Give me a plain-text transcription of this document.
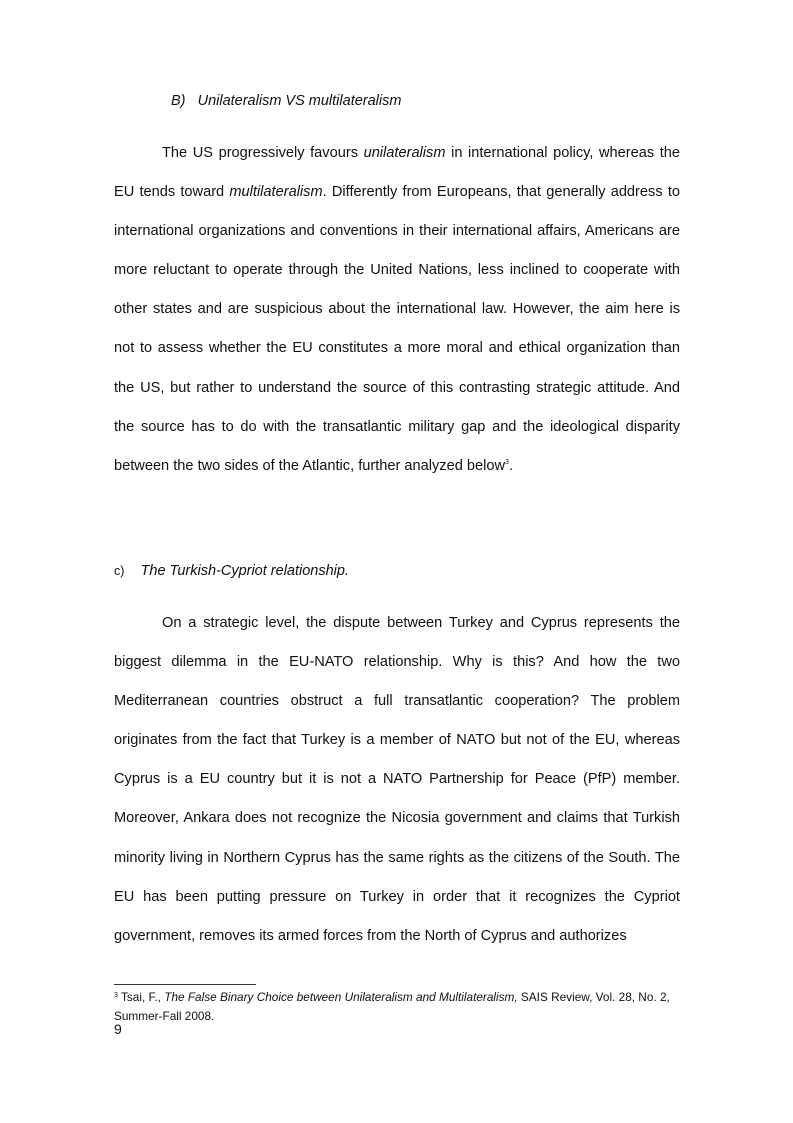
B) Unilateralism VS multilateralism

The US progressively favours unilateralism in international policy, whereas the EU tends toward multilateralism. Differently from Europeans, that generally address to international organizations and conventions in their international affairs, Americans are more reluctant to operate through the United Nations, less inclined to cooperate with other states and are suspicious about the international law. However, the aim here is not to assess whether the EU constitutes a more moral and ethical organization than the US, but rather to understand the source of this contrasting strategic attitude. And the source has to do with the transatlantic military gap and the ideological disparity between the two sides of the Atlantic, further analyzed below$^3$.

c) The Turkish-Cypriot relationship.

On a strategic level, the dispute between Turkey and Cyprus represents the biggest dilemma in the EU-NATO relationship. Why is this? And how the two Mediterranean countries obstruct a full transatlantic cooperation? The problem originates from the fact that Turkey is a member of NATO but not of the EU, whereas Cyprus is a EU country but it is not a NATO Partnership for Peace (PfP) member. Moreover, Ankara does not recognize the Nicosia government and claims that Turkish minority living in Northern Cyprus has the same rights as the citizens of the South. The EU has been putting pressure on Turkey in order that it recognizes the Cypriot government, removes its armed forces from the North of Cyprus and authorizes

$^3$ Tsai, F., The False Binary Choice between Unilateralism and Multilateralism, SAIS Review, Vol. 28, No. 2, Summer-Fall 2008.

9
